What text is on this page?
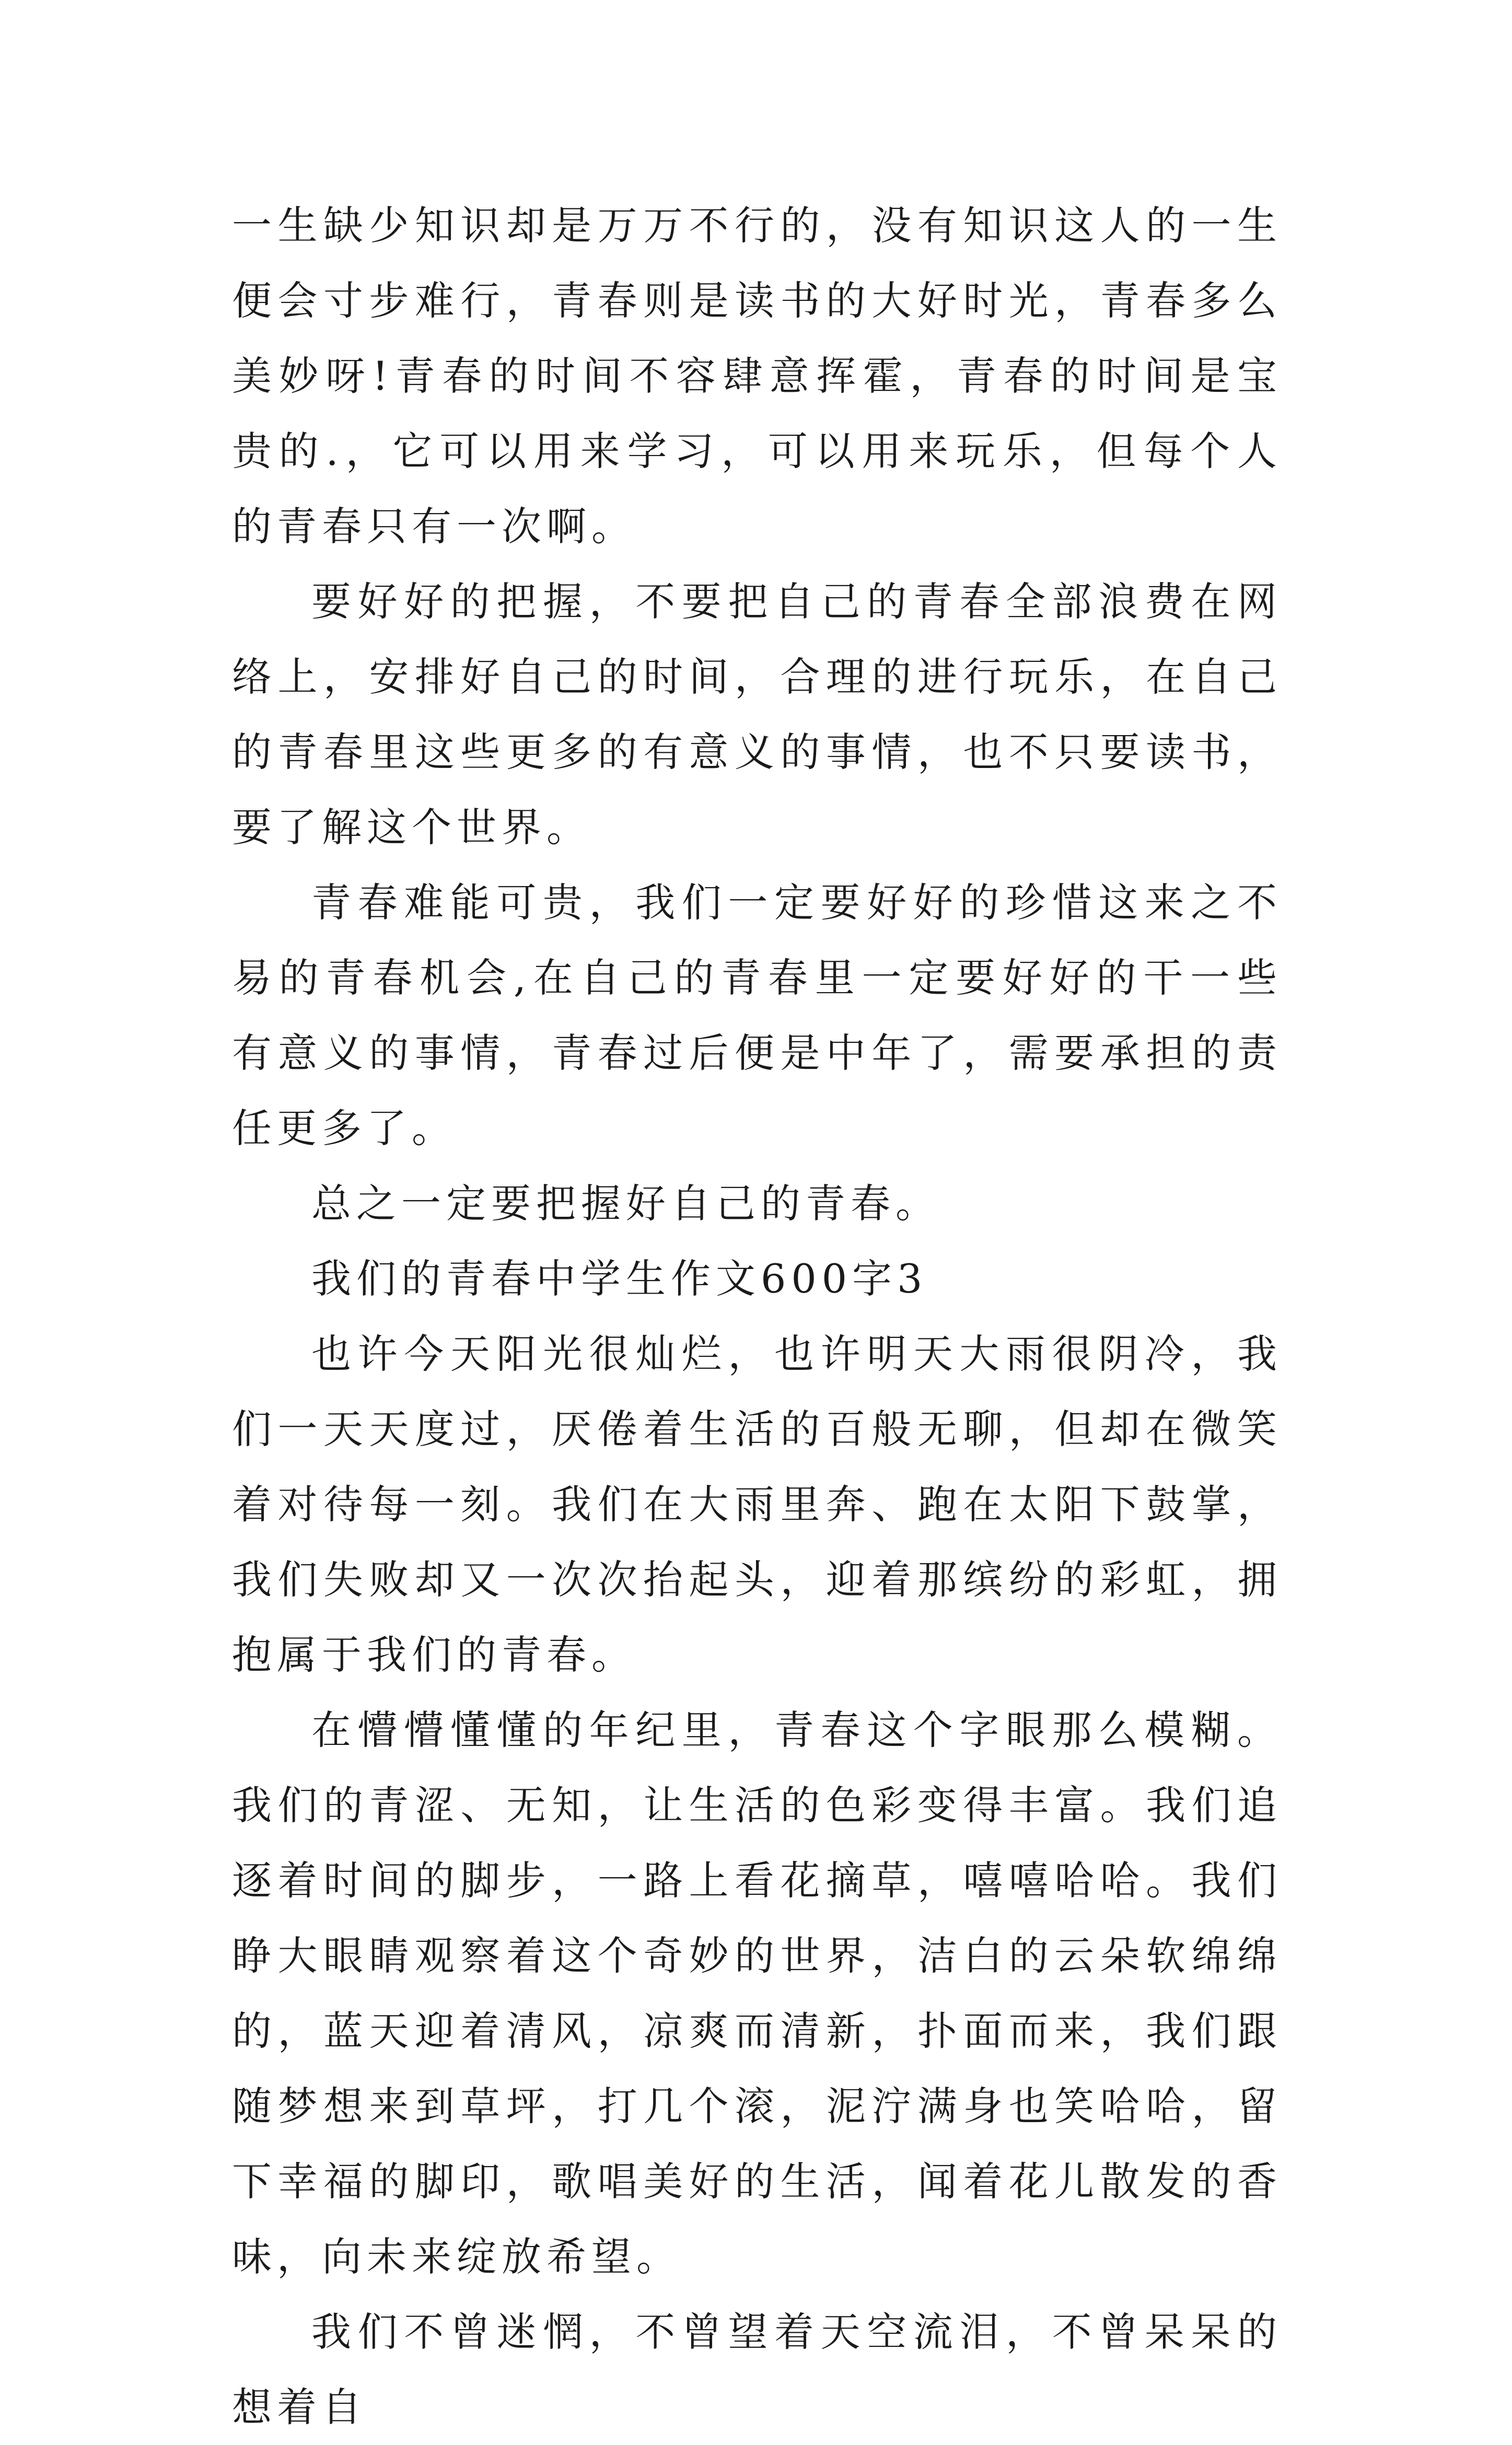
一生缺少知识却是万万不行的，没有知识这人的一生便会寸步难行，青春则是读书的大好时光，青春多么美妙呀!青春的时间不容肆意挥霍，青春的时间是宝贵的.，它可以用来学习，可以用来玩乐，但每个人的青春只有一次啊。

要好好的把握，不要把自己的青春全部浪费在网络上，安排好自己的时间，合理的进行玩乐，在自己的青春里这些更多的有意义的事情，也不只要读书，要了解这个世界。

青春难能可贵，我们一定要好好的珍惜这来之不易的青春机会,在自己的青春里一定要好好的干一些有意义的事情，青春过后便是中年了，需要承担的责任更多了。

总之一定要把握好自己的青春。

我们的青春中学生作文600字3

也许今天阳光很灿烂，也许明天大雨很阴冷，我们一天天度过，厌倦着生活的百般无聊，但却在微笑着对待每一刻。我们在大雨里奔、跑在太阳下鼓掌，我们失败却又一次次抬起头，迎着那缤纷的彩虹，拥抱属于我们的青春。

在懵懵懂懂的年纪里，青春这个字眼那么模糊。我们的青涩、无知，让生活的色彩变得丰富。我们追逐着时间的脚步，一路上看花摘草，嘻嘻哈哈。我们睁大眼睛观察着这个奇妙的世界，洁白的云朵软绵绵的，蓝天迎着清风，凉爽而清新，扑面而来，我们跟随梦想来到草坪，打几个滚，泥泞满身也笑哈哈，留下幸福的脚印，歌唱美好的生活，闻着花儿散发的香味，向未来绽放希望。

我们不曾迷惘，不曾望着天空流泪，不曾呆呆的想着自
